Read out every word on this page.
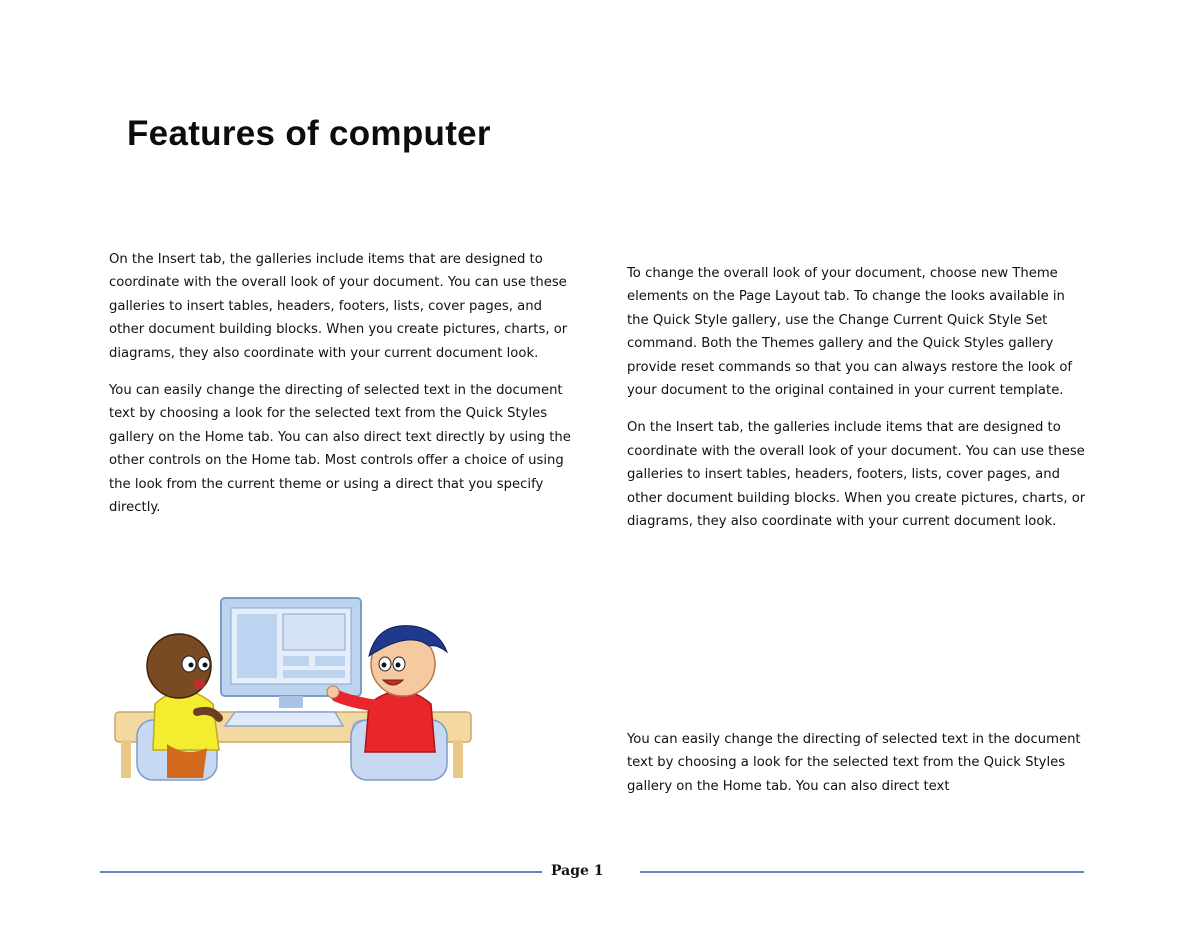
Features of computer

On the Insert tab, the galleries include items that are designed to coordinate with the overall look of your document. You can use these galleries to insert tables, headers, footers, lists, cover pages, and other document building blocks. When you create pictures, charts, or diagrams, they also coordinate with your current document look.

You can easily change the directing of selected text in the document text by choosing a look for the selected text from the Quick Styles gallery on the Home tab. You can also direct text directly by using the other controls on the Home tab. Most controls offer a choice of using the look from the current theme or using a direct that you specify directly.

To change the overall look of your document, choose new Theme elements on the Page Layout tab. To change the looks available in the Quick Style gallery, use the Change Current Quick Style Set command. Both the Themes gallery and the Quick Styles gallery provide reset commands so that you can always restore the look of your document to the original contained in your current template.

On the Insert tab, the galleries include items that are designed to coordinate with the overall look of your document. You can use these galleries to insert tables, headers, footers, lists, cover pages, and other document building blocks. When you create pictures, charts, or diagrams, they also coordinate with your current document look.

You can easily change the directing of selected text in the document text by choosing a look for the selected text from the Quick Styles gallery on the Home tab. You can also direct text

Page 1
